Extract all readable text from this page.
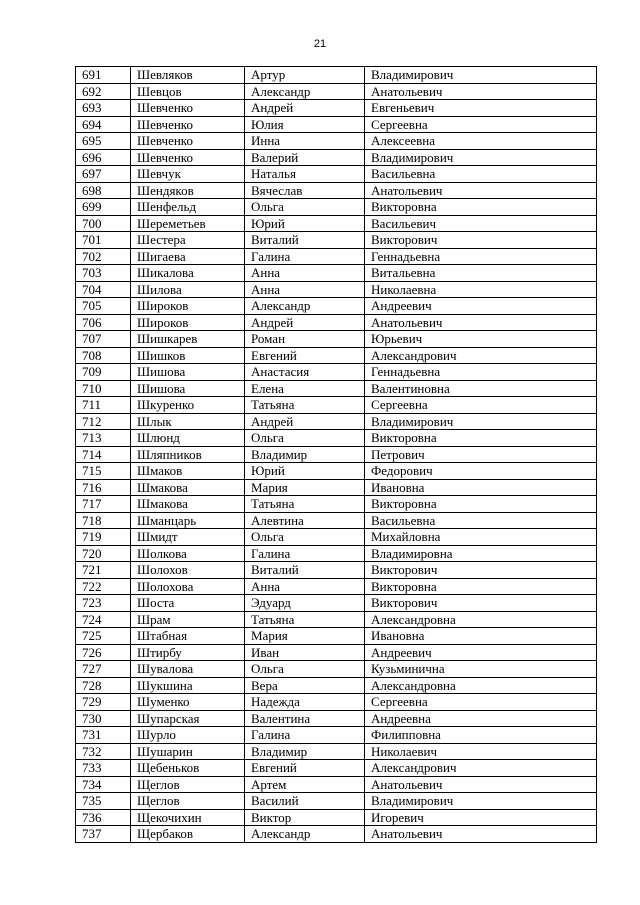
21
691	Шевляков	Артур	Владимирович
692	Шевцов	Александр	Анатольевич
693	Шевченко	Андрей	Евгеньевич
694	Шевченко	Юлия	Сергеевна
695	Шевченко	Инна	Алексеевна
696	Шевченко	Валерий	Владимирович
697	Шевчук	Наталья	Васильевна
698	Шендяков	Вячеслав	Анатольевич
699	Шенфельд	Ольга	Викторовна
700	Шереметьев	Юрий	Васильевич
701	Шестера	Виталий	Викторович
702	Шигаева	Галина	Геннадьевна
703	Шикалова	Анна	Витальевна
704	Шилова	Анна	Николаевна
705	Широков	Александр	Андреевич
706	Широков	Андрей	Анатольевич
707	Шишкарев	Роман	Юрьевич
708	Шишков	Евгений	Александрович
709	Шишова	Анастасия	Геннадьевна
710	Шишова	Елена	Валентиновна
711	Шкуренко	Татьяна	Сергеевна
712	Шлык	Андрей	Владимирович
713	Шлюнд	Ольга	Викторовна
714	Шляпников	Владимир	Петрович
715	Шмаков	Юрий	Федорович
716	Шмакова	Мария	Ивановна
717	Шмакова	Татьяна	Викторовна
718	Шманцарь	Алевтина	Васильевна
719	Шмидт	Ольга	Михайловна
720	Шолкова	Галина	Владимировна
721	Шолохов	Виталий	Викторович
722	Шолохова	Анна	Викторовна
723	Шоста	Эдуард	Викторович
724	Шрам	Татьяна	Александровна
725	Штабная	Мария	Ивановна
726	Штирбу	Иван	Андреевич
727	Шувалова	Ольга	Кузьминична
728	Шукшина	Вера	Александровна
729	Шуменко	Надежда	Сергеевна
730	Шупарская	Валентина	Андреевна
731	Шурло	Галина	Филипповна
732	Шушарин	Владимир	Николаевич
733	Щебеньков	Евгений	Александрович
734	Щеглов	Артем	Анатольевич
735	Щеглов	Василий	Владимирович
736	Щекочихин	Виктор	Игоревич
737	Щербаков	Александр	Анатольевич
